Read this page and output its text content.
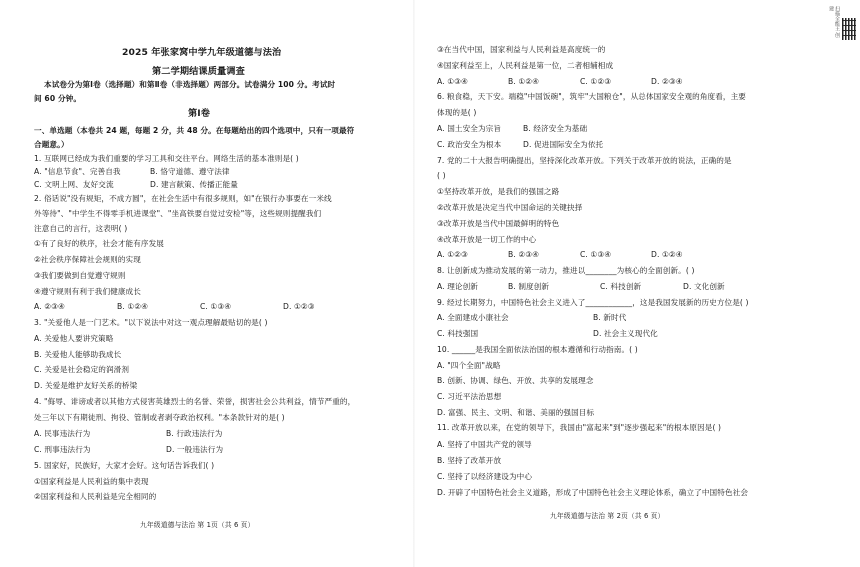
2025 年张家窝中学九年级道德与法治
第二学期结课质量调查
本试卷分为第Ⅰ卷（选择题）和第Ⅱ卷（非选择题）两部分。试卷满分 100 分。考试时
间 60 分钟。
第Ⅰ卷
一、单选题（本卷共 24 题，每题 2 分，共 48 分。在每题给出的四个选项中，只有一项最符
合题意。）
1. 互联网已经成为我们重要的学习工具和交往平台。网络生活的基本准则是( )
A. "信息节食"、完善自我	B. 恪守道德、遵守法律
C. 文明上网、友好交流	D. 建言献策、传播正能量
2. 俗话说"没有规矩，不成方圆"，在社会生活中有很多规则，如"在银行办事要在一米线
外等待"、"中学生不得零手机进课堂"、"坐高铁要自觉过安检"等，这些规则提醒我们
注意自己的言行，这表明( )
①有了良好的秩序，社会才能有序发展
②社会秩序保障社会规则的实现
③我们要做到自觉遵守规则
④遵守规则有利于我们健康成长
A. ②③④	B. ①②④	C. ①③④	D. ①②③
3. "关爱他人是一门艺术。"以下说法中对这一观点理解最贴切的是( )
A. 关爱他人要讲究策略
B. 关爱他人能够助我成长
C. 关爱是社会稳定的润滑剂
D. 关爱是维护友好关系的桥梁
4. "侮辱、诽谤或者以其他方式侵害英雄烈士的名誉、荣誉，损害社会公共利益，情节严重的，
处三年以下有期徒刑、拘役、管制或者剥夺政治权利。"本条款针对的是( )
A. 民事违法行为	B. 行政违法行为
C. 刑事违法行为	D. 一般违法行为
5. 国家好，民族好，大家才会好。这句话告诉我们( )
①国家利益是人民利益的集中表现
②国家利益和人民利益是完全相同的
九年级道德与法治 第 1页（共 6 页）
③在当代中国，国家利益与人民利益是高度统一的
④国家利益至上，人民利益是第一位，二者相辅相成
A. ①③④	B. ①②④	C. ①②③	D. ②③④
6. 粮食稳，天下安。端稳"中国饭碗"，筑牢"大国粮仓"，从总体国家安全观的角度看，主要
体现的是( )
A. 国土安全为宗旨	B. 经济安全为基础
C. 政治安全为根本	D. 促进国际安全为依托
7. 党的二十大报告明确提出，坚持深化改革开放。下列关于改革开放的说法，正确的是
( )
①坚持改革开放，是我们的强国之路
②改革开放是决定当代中国命运的关键抉择
③改革开放是当代中国最鲜明的特色
④改革开放是一切工作的中心
A. ①②③	B. ②③④	C. ①③④	D. ①②④
8. 让创新成为推动发展的第一动力，推进以________为核心的全面创新。( )
A. 理论创新	B. 制度创新	C. 科技创新	D. 文化创新
9. 经过长期努力，中国特色社会主义进入了____________，这是我国发展新的历史方位是( )
A. 全面建成小康社会	B. 新时代
C. 科技强国	D. 社会主义现代化
10. ______是我国全面依法治国的根本遵循和行动指南。( )
A. "四个全面"战略
B. 创新、协调、绿色、开放、共享的发展理念
C. 习近平法治思想
D. 富强、民主、文明、和谐、美丽的强国目标
11. 改革开放以来，在党的领导下，我国由"富起来"到"逐步强起来"的根本原因是( )
A. 坚持了中国共产党的领导
B. 坚持了改革开放
C. 坚持了以经济建设为中心
D. 开辟了中国特色社会主义道路，形成了中国特色社会主义理论体系，确立了中国特色社会
九年级道德与法治 第 2页（共 6 页）
扫描全能王 创建
